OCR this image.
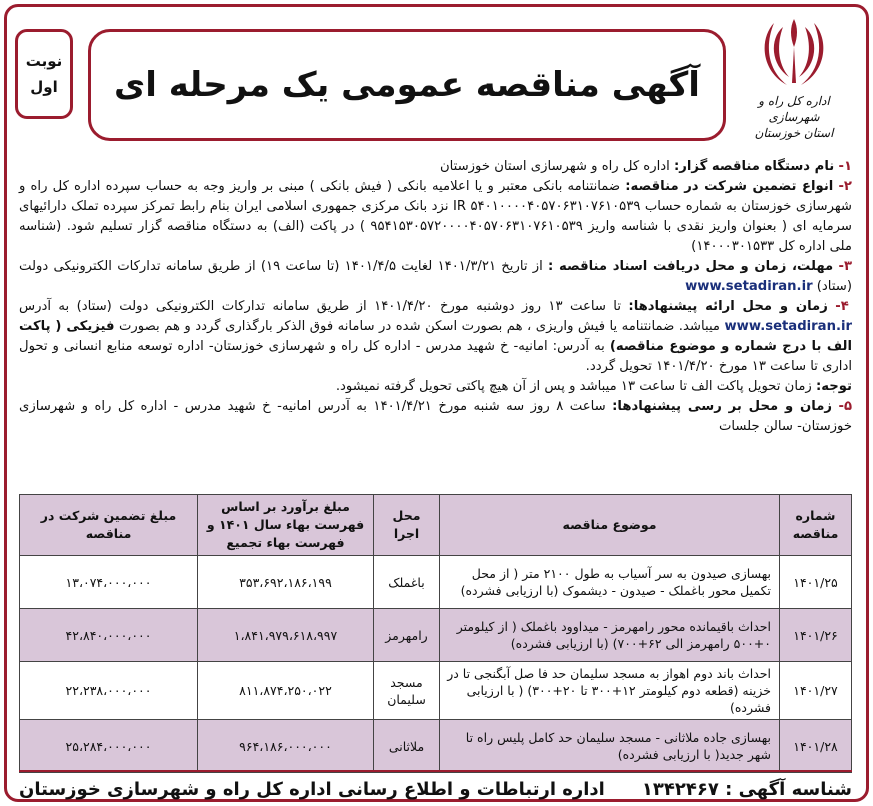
اداره کل راه و شهرسازی
استان خوزستان
آگهی مناقصه عمومی یک مرحله ای
نوبت
اول

۱- نام دستگاه مناقصه گزار: اداره کل راه و شهرسازی استان خوزستان

۲- انواع تضمین شرکت در مناقصه: ضمانتنامه بانکی معتبر و یا اعلامیه بانکی ( فیش بانکی ) مبنی بر واریز وجه به حساب سپرده اداره کل راه و شهرسازی خوزستان به شماره حساب IR ۵۴۰۱۰۰۰۰۴۰۵۷۰۶۳۱۰۷۶۱۰۵۳۹ نزد بانک مرکزی جمهوری اسلامی ایران بنام رابط تمرکز سپرده تملک دارائیهای سرمایه ای ( بعنوان واریز نقدی با شناسه واریز ۹۵۴۱۵۳۰۵۷۲۰۰۰۰۴۰۵۷۰۶۳۱۰۷۶۱۰۵۳۹ ) در پاکت (الف) به دستگاه مناقصه گزار تسلیم شود. (شناسه ملی اداره کل ۱۴۰۰۰۳۰۱۵۳۳)

۳- مهلت، زمان و محل دریافت اسناد مناقصه : از تاریخ ۱۴۰۱/۳/۲۱ لغایت ۱۴۰۱/۴/۵ (تا ساعت ۱۹) از طریق سامانه تدارکات الکترونیکی دولت (ستاد) www.setadiran.ir

۴- زمان و محل ارائه پیشنهادها: تا ساعت ۱۳ روز دوشنبه مورخ ۱۴۰۱/۴/۲۰ از طریق سامانه تدارکات الکترونیکی دولت (ستاد) به آدرس www.setadiran.ir میباشد. ضمانتنامه یا فیش واریزی ، هم بصورت اسکن شده در سامانه فوق الذکر بارگذاری گردد و هم بصورت فیزیکی ( پاکت الف با درج شماره و موضوع مناقصه) به آدرس: امانیه- خ شهید مدرس - اداره کل راه و شهرسازی خوزستان- اداره توسعه منابع انسانی و تحول اداری تا ساعت ۱۳ مورخ ۱۴۰۱/۴/۲۰ تحویل گردد.

توجه: زمان تحویل پاکت الف تا ساعت ۱۳ میباشد و پس از آن هیچ پاکتی تحویل گرفته نمیشود.

۵- زمان و محل بر رسی پیشنهادها: ساعت ۸ روز سه شنبه مورخ ۱۴۰۱/۴/۲۱ به آدرس امانیه- خ شهید مدرس - اداره کل راه و شهرسازی خوزستان- سالن جلسات

شماره مناقصه	موضوع مناقصه	محل اجرا	مبلغ برآورد بر اساس فهرست بهاء سال ۱۴۰۱ و فهرست بهاء تجمیع	مبلغ تضمین شرکت در مناقصه
۱۴۰۱/۲۵	بهسازی صیدون به سر آسیاب به طول ۲۱۰۰ متر ( از محل تکمیل محور باغملک - صیدون - دیشموک (با ارزیابی فشرده)	باغملک	۳۵۳،۶۹۲،۱۸۶،۱۹۹	۱۳،۰۷۴،۰۰۰،۰۰۰
۱۴۰۱/۲۶	احداث باقیمانده محور رامهرمز - میداوود باغملک ( از کیلومتر ۰+۵۰۰ رامهرمز الی ۶۲+۷۰۰) (با ارزیابی فشرده)	رامهرمز	۱،۸۴۱،۹۷۹،۶۱۸،۹۹۷	۴۲،۸۴۰،۰۰۰،۰۰۰
۱۴۰۱/۲۷	احداث باند دوم اهواز به مسجد سلیمان حد فا صل آبگنجی تا در خزینه (قطعه دوم کیلومتر ۱۲+۳۰۰ تا ۲۰+۳۰۰) ( با ارزیابی فشرده)	مسجد سلیمان	۸۱۱،۸۷۴،۲۵۰،۰۲۲	۲۲،۲۳۸،۰۰۰،۰۰۰
۱۴۰۱/۲۸	بهسازی جاده ملاثانی - مسجد سلیمان حد کامل پلیس راه تا شهر جدید( با ارزیابی فشرده)	ملاثانی	۹۶۴،۱۸۶،۰۰۰،۰۰۰	۲۵،۲۸۴،۰۰۰،۰۰۰
شناسه آگهی : ۱۳۴۲۴۶۷
اداره ارتباطات و اطلاع رسانی اداره کل راه و شهرسازی خوزستان
